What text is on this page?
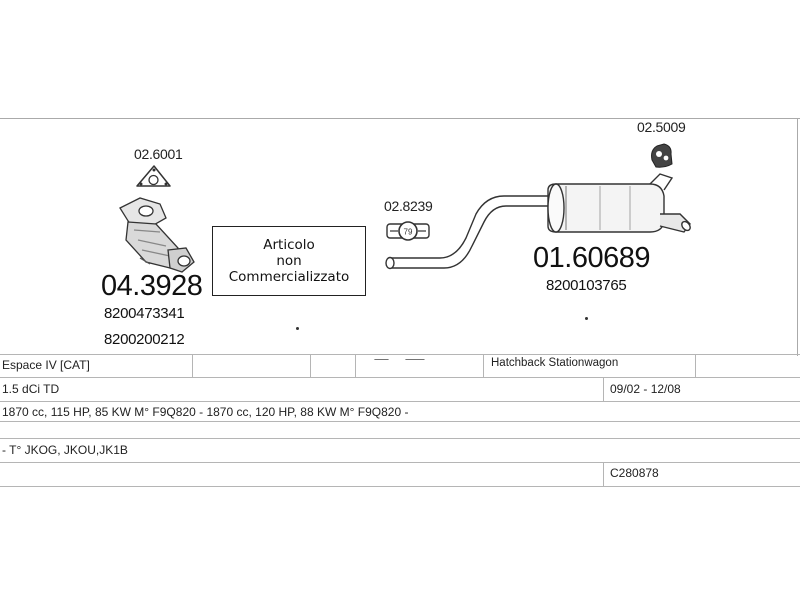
79
02.6001
02.8239
02.5009
04.3928
8200473341
8200200212
01.60689
8200103765
Articolo
non
Commercializzato
Espace IV [CAT]	Hatchback Stationwagon
1.5 dCi TD	09/02 - 12/08
1870 cc, 115 HP, 85 KW M° F9Q820 - 1870 cc, 120 HP, 88 KW M° F9Q820 -
- T° JKOG, JKOU,JK1B
C280878
